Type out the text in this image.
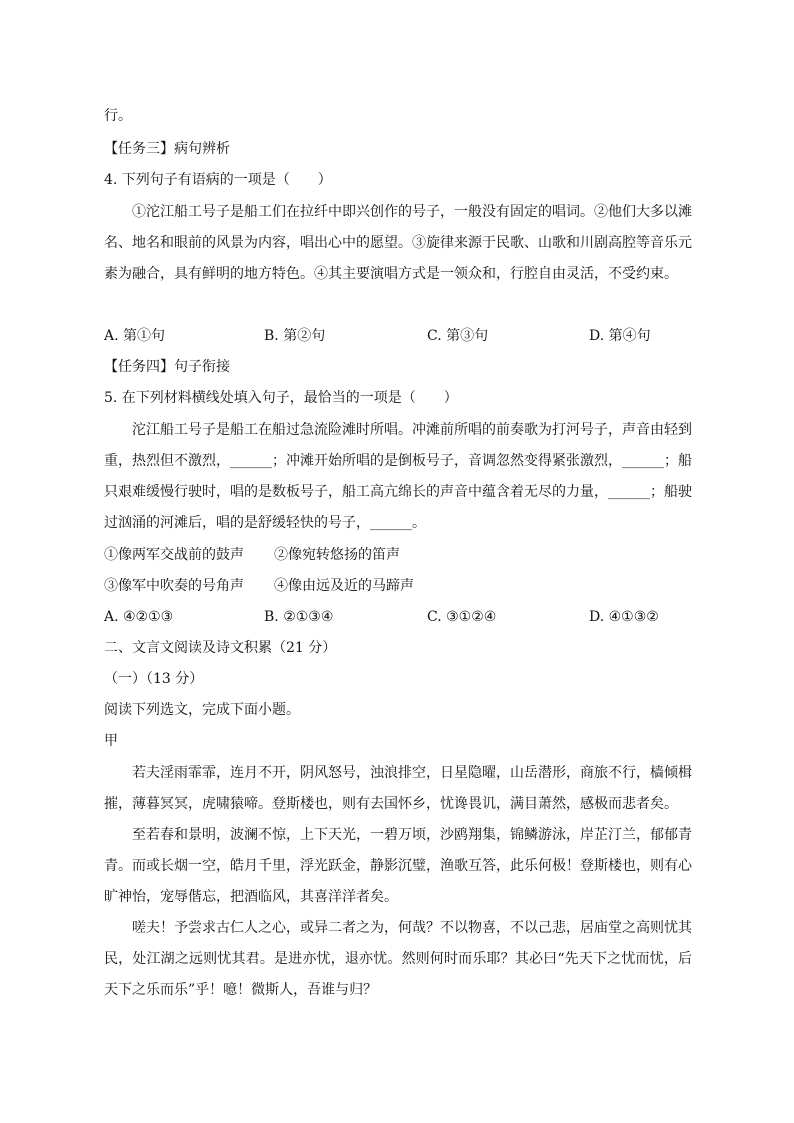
行。
【任务三】病句辨析
4. 下列句子有语病的一项是（　　）

①沱江船工号子是船工们在拉纤中即兴创作的号子，一般没有固定的唱词。②他们大多以滩名、地名和眼前的风景为内容，唱出心中的愿望。③旋律来源于民歌、山歌和川剧高腔等音乐元素为融合，具有鲜明的地方特色。④其主要演唱方式是一领众和，行腔自由灵活，不受约束。

A. 第①句	B. 第②句	C. 第③句	D. 第④句
【任务四】句子衔接
5. 在下列材料横线处填入句子，最恰当的一项是（　　）

沱江船工号子是船工在船过急流险滩时所唱。冲滩前所唱的前奏歌为打河号子，声音由轻到重，热烈但不激烈，______；冲滩开始所唱的是倒板号子，音调忽然变得紧张激烈，______；船只艰难缓慢行驶时，唱的是数板号子，船工高亢绵长的声音中蕴含着无尽的力量，______；船驶过汹涌的河滩后，唱的是舒缓轻快的号子，______。

①像两军交战前的鼓声 ②像宛转悠扬的笛声
③像军中吹奏的号角声 ④像由远及近的马蹄声
A. ④②①③	B. ②①③④	C. ③①②④	D. ④①③②
二、文言文阅读及诗文积累（21 分）
（一）（13 分）
阅读下列选文，完成下面小题。
甲

若夫淫雨霏霏，连月不开，阴风怒号，浊浪排空，日星隐曜，山岳潜形，商旅不行，樯倾楫摧，薄暮冥冥，虎啸猿啼。登斯楼也，则有去国怀乡，忧谗畏讥，满目萧然，感极而悲者矣。

至若春和景明，波澜不惊，上下天光，一碧万顷，沙鸥翔集，锦鳞游泳，岸芷汀兰，郁郁青青。而或长烟一空，皓月千里，浮光跃金，静影沉璧，渔歌互答，此乐何极！登斯楼也，则有心旷神怡，宠辱偕忘，把酒临风，其喜洋洋者矣。

嗟夫！予尝求古仁人之心，或异二者之为，何哉？不以物喜，不以己悲，居庙堂之高则忧其民，处江湖之远则忧其君。是进亦忧，退亦忧。然则何时而乐耶？其必曰“先天下之忧而忧，后天下之乐而乐”乎！噫！微斯人，吾谁与归？
